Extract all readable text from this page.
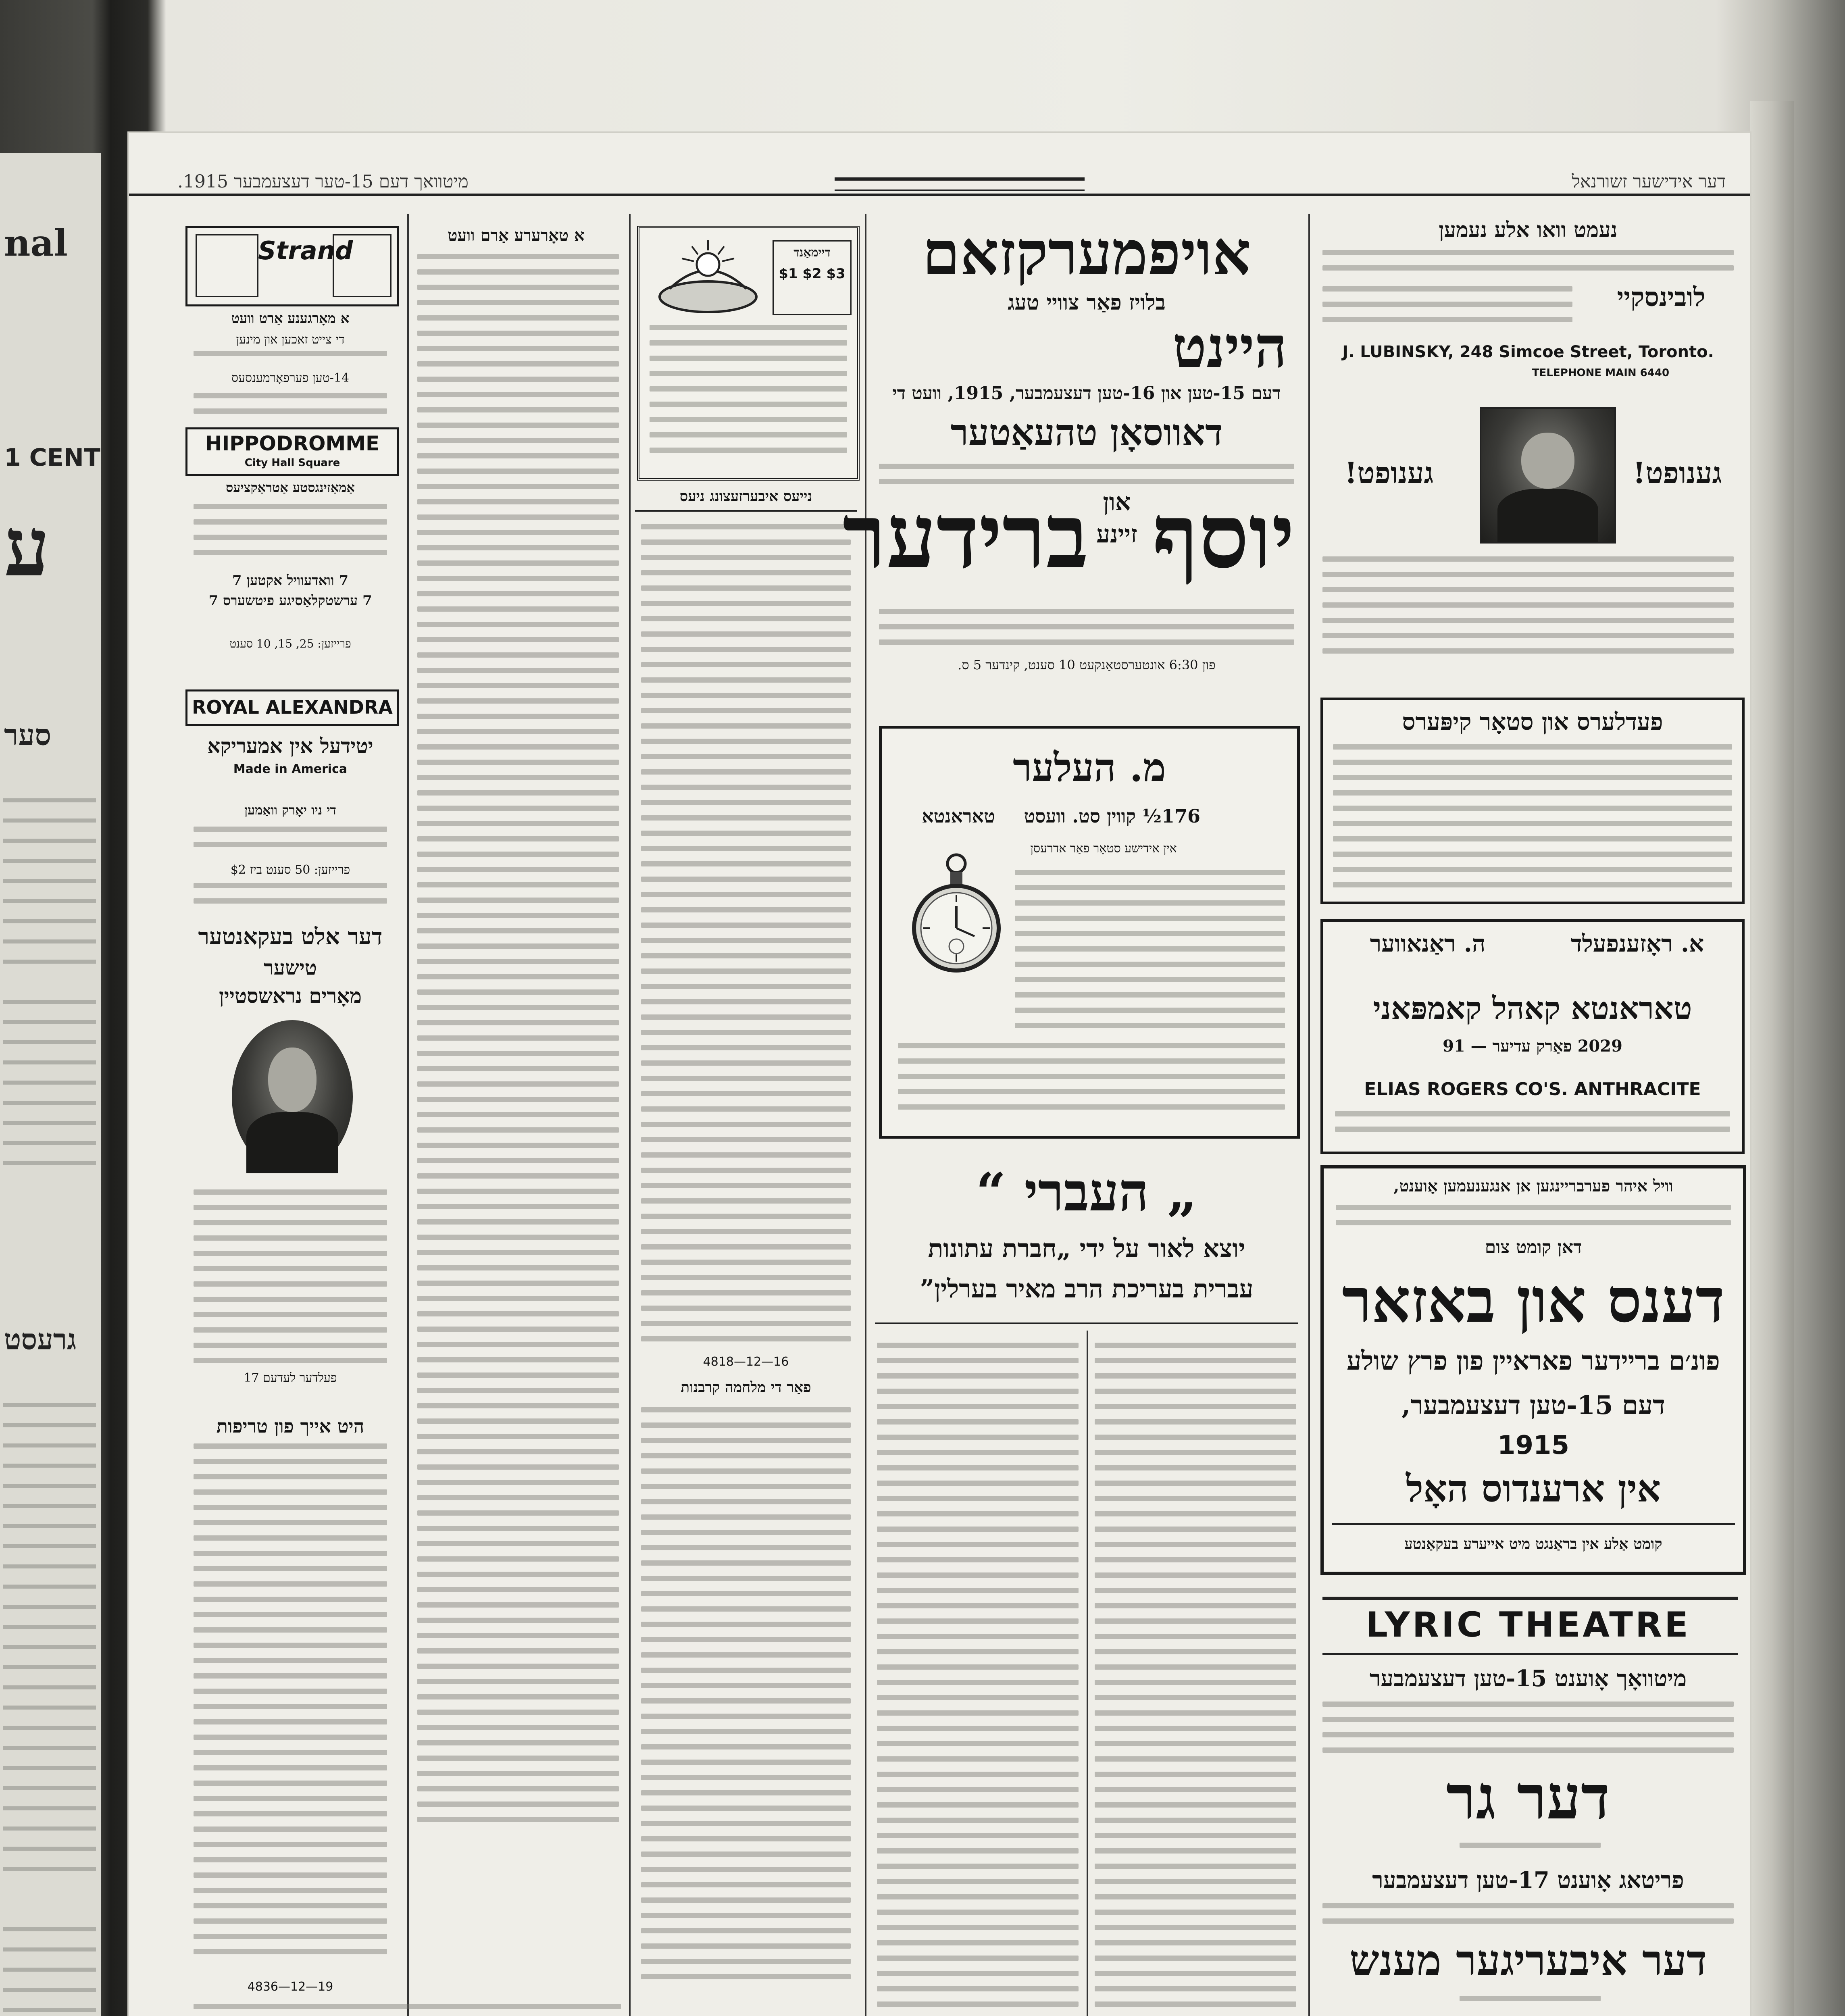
nal
1 CENT
ע
סער
גרעסט
מיטוואך דעם 15-טער דעצעמבער 1915.	דער אידישער זשורנאל
Strand
א מאָרגענע אַרט וועט
די צייט זאכען און מינען
14-טען פערפאָרמענסעס
HIPPODROMME
City Hall Square
אַמאַזינגסטע אַטראַקציעס
7 וואדעוויל אקטען 7
7 ערשטקלאַסיגע פיטשערס 7
פרייזען: 25, 15, 10 סענט
ROYAL ALEXANDRA
יטידעל אין אמעריקא
Made in America
די ניו יאָרק וואַמען
פרייזען: 50 סענט ביז $2
דער אלט בעקאנטער
טישער
מאָרים נראשסטיין
פעלדער לעדעם 17
היט אייך פון טריפות
4836—12—19
א טאָרערע אַרם וועט
דיימאַנד
$1 $2 $3
נייעס איבערזעצונג ניעס
4818—12—16
פאַר די מלחמה קרבנות
אויפמערקזאם
בלויז פאַר צוויי טעג
היינט
דעם 15-טען און 16-טען דעצעמבער, 1915, וועט די
דאווסאָן טהעאַטער
יוסף
און
זיינע
ברידער
פון 6:30 אונטערסטאַנקעט 10 סענט, קינדער 5 ס.
מ. העלער
176½ קווין סט. וועסט
טאראנטא
אין אידישע סטאָר פאַר אדרעסן
„ העברי “
יוצא לאור על ידי „חברת עתונות
עברית בעריכת הרב מאיר בערלין”
נעמט וואו אלע נעמען
לובינסקיי
J. LUBINSKY, 248 Simcoe Street, Toronto.
TELEPHONE MAIN 6440
גענופט!	גענופט!
פעדלערס און סטאָר קיפּערס
א. ראָזענפעלד
ה. ראַנאווער
טאראנטא קאהל קאמפּאני
2029 פאַרק עדיער — 91
ELIAS ROGERS CO'S. ANTHRACITE
וויל איהר פערבריינגען אן אנגענעמען אָוענט,
דאן קומט צום
דענס און באזאר
פונ׳ם בריידער פאראיין פון פרץ שולע
דעם 15-טען דעצעמבער,
1915
אין ארענדוס האָל
קומט אַלע אין בראַנגט מיט אייערע בעקאַנטע
LYRIC THEATRE
מיטוואָך אָוענט 15-טען דעצעמבער
דער גר
פריטאג אָוענט 17-טען דעצעמבער
דער איבעריגער מענש
